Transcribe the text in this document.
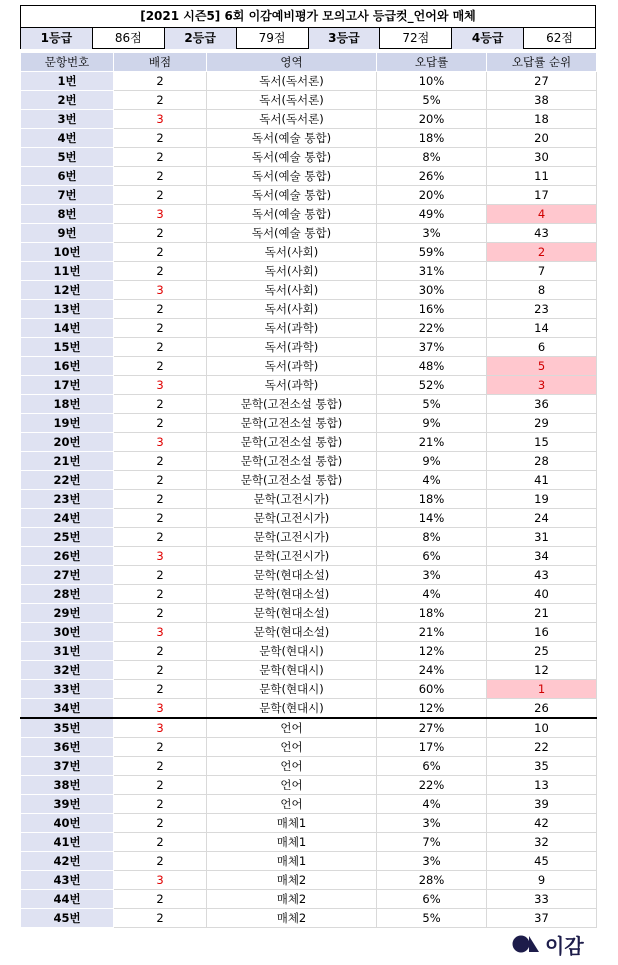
[2021 시즌5] 6회 이감예비평가 모의고사 등급컷_언어와 매체
1등급	86점	2등급	79점	3등급	72점	4등급	62점
문항번호	배점	영역	오답률	오답률 순위
1번	2	독서(독서론)	10%	27
2번	2	독서(독서론)	5%	38
3번	3	독서(독서론)	20%	18
4번	2	독서(예술 통합)	18%	20
5번	2	독서(예술 통합)	8%	30
6번	2	독서(예술 통합)	26%	11
7번	2	독서(예술 통합)	20%	17
8번	3	독서(예술 통합)	49%	4
9번	2	독서(예술 통합)	3%	43
10번	2	독서(사회)	59%	2
11번	2	독서(사회)	31%	7
12번	3	독서(사회)	30%	8
13번	2	독서(사회)	16%	23
14번	2	독서(과학)	22%	14
15번	2	독서(과학)	37%	6
16번	2	독서(과학)	48%	5
17번	3	독서(과학)	52%	3
18번	2	문학(고전소설 통합)	5%	36
19번	2	문학(고전소설 통합)	9%	29
20번	3	문학(고전소설 통합)	21%	15
21번	2	문학(고전소설 통합)	9%	28
22번	2	문학(고전소설 통합)	4%	41
23번	2	문학(고전시가)	18%	19
24번	2	문학(고전시가)	14%	24
25번	2	문학(고전시가)	8%	31
26번	3	문학(고전시가)	6%	34
27번	2	문학(현대소설)	3%	43
28번	2	문학(현대소설)	4%	40
29번	2	문학(현대소설)	18%	21
30번	3	문학(현대소설)	21%	16
31번	2	문학(현대시)	12%	25
32번	2	문학(현대시)	24%	12
33번	2	문학(현대시)	60%	1
34번	3	문학(현대시)	12%	26
35번	3	언어	27%	10
36번	2	언어	17%	22
37번	2	언어	6%	35
38번	2	언어	22%	13
39번	2	언어	4%	39
40번	2	매체1	3%	42
41번	2	매체1	7%	32
42번	2	매체1	3%	45
43번	3	매체2	28%	9
44번	2	매체2	6%	33
45번	2	매체2	5%	37
이감
